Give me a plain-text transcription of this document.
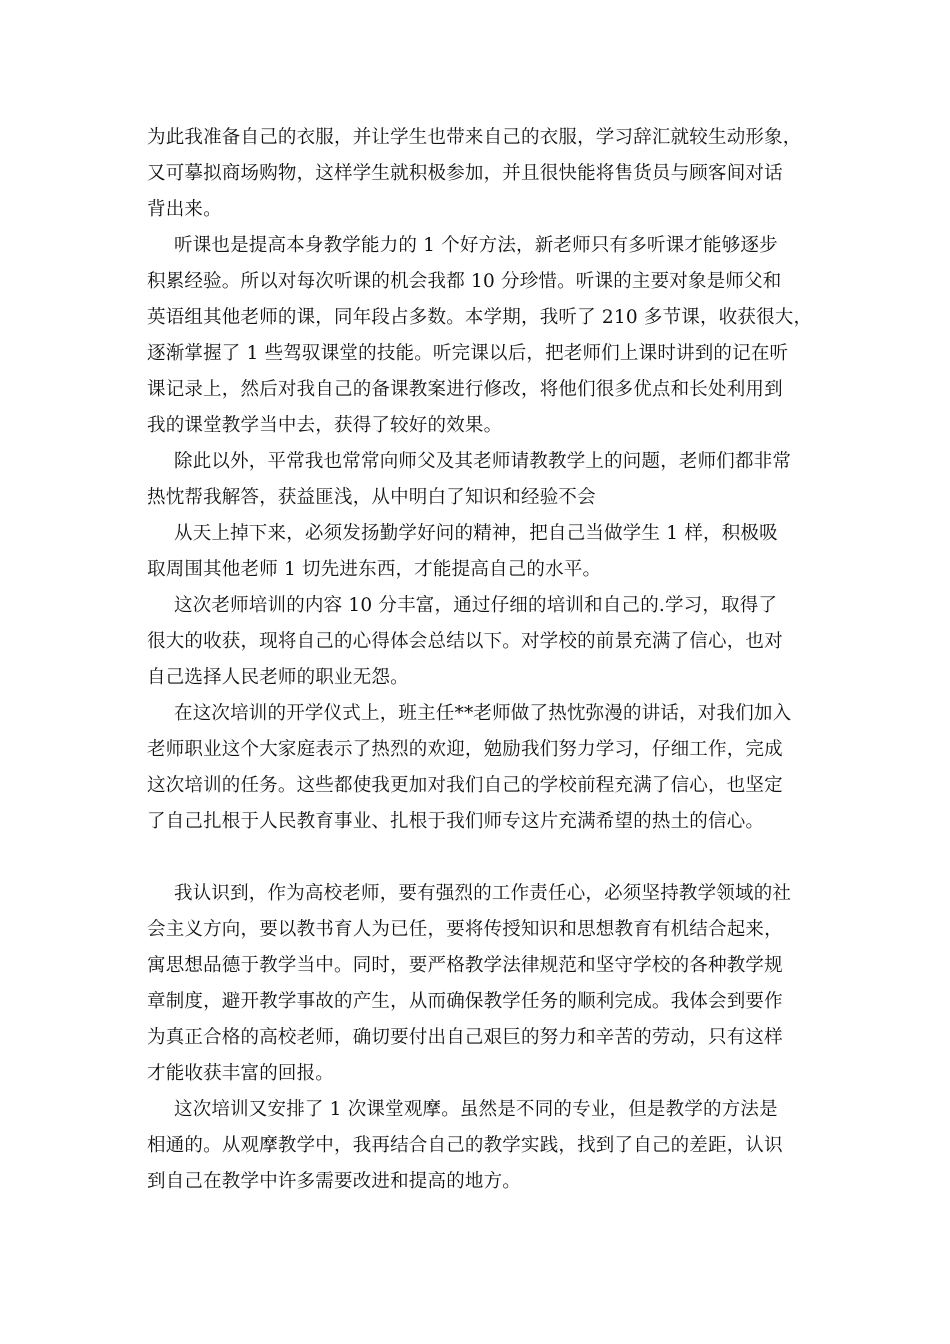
为此我准备自己的衣服，并让学生也带来自己的衣服，学习辞汇就较生动形象，
又可摹拟商场购物，这样学生就积极参加，并且很快能将售货员与顾客间对话
背出来。
听课也是提高本身教学能力的 1 个好方法，新老师只有多听课才能够逐步
积累经验。所以对每次听课的机会我都 10 分珍惜。听课的主要对象是师父和
英语组其他老师的课，同年段占多数。本学期，我听了 210 多节课，收获很大，
逐渐掌握了 1 些驾驭课堂的技能。听完课以后，把老师们上课时讲到的记在听
课记录上，然后对我自己的备课教案进行修改，将他们很多优点和长处利用到
我的课堂教学当中去，获得了较好的效果。
除此以外，平常我也常常向师父及其老师请教教学上的问题，老师们都非常
热忱帮我解答，获益匪浅，从中明白了知识和经验不会
从天上掉下来，必须发扬勤学好问的精神，把自己当做学生 1 样，积极吸
取周围其他老师 1 切先进东西，才能提高自己的水平。
这次老师培训的内容 10 分丰富，通过仔细的培训和自己的.学习，取得了
很大的收获，现将自己的心得体会总结以下。对学校的前景充满了信心，也对
自己选择人民老师的职业无怨。
在这次培训的开学仪式上，班主任**老师做了热忱弥漫的讲话，对我们加入
老师职业这个大家庭表示了热烈的欢迎，勉励我们努力学习，仔细工作，完成
这次培训的任务。这些都使我更加对我们自己的学校前程充满了信心，也坚定
了自己扎根于人民教育事业、扎根于我们师专这片充满希望的热土的信心。
我认识到，作为高校老师，要有强烈的工作责任心，必须坚持教学领域的社
会主义方向，要以教书育人为已任，要将传授知识和思想教育有机结合起来，
寓思想品德于教学当中。同时，要严格教学法律规范和坚守学校的各种教学规
章制度，避开教学事故的产生，从而确保教学任务的顺利完成。我体会到要作
为真正合格的高校老师，确切要付出自己艰巨的努力和辛苦的劳动，只有这样
才能收获丰富的回报。
这次培训又安排了 1 次课堂观摩。虽然是不同的专业，但是教学的方法是
相通的。从观摩教学中，我再结合自己的教学实践，找到了自己的差距，认识
到自己在教学中许多需要改进和提高的地方。
